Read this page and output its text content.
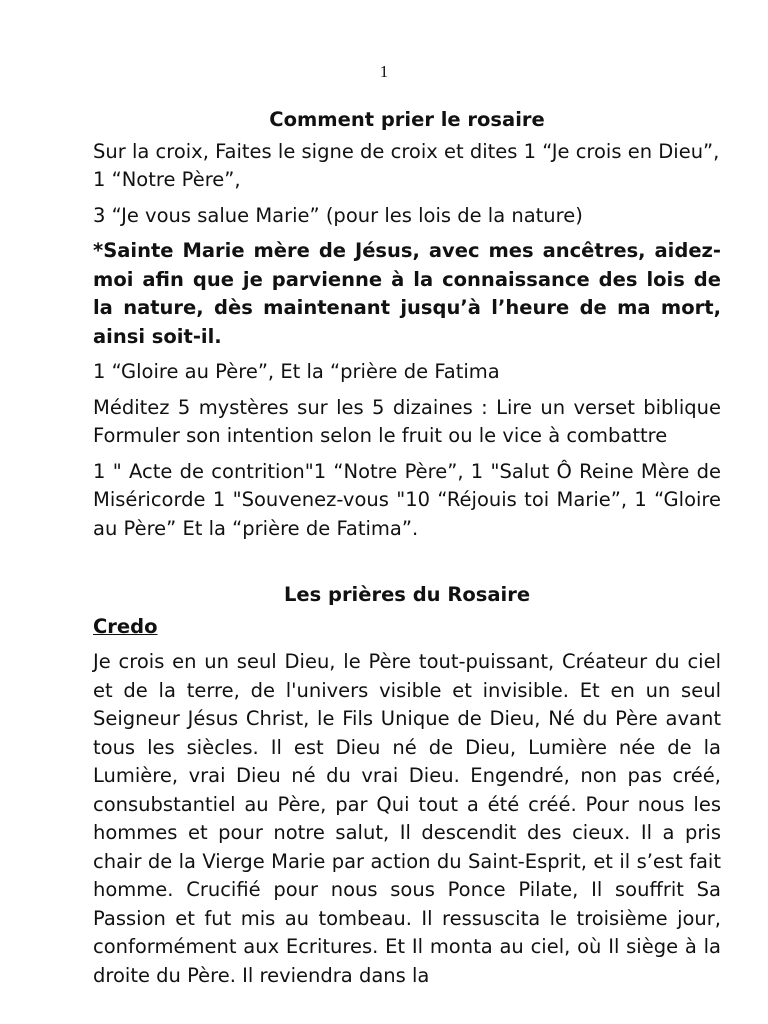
1
Comment prier le rosaire
Sur la croix, Faites le signe de croix et dites 1 “Je crois en Dieu”, 1 “Notre Père”,
3 “Je vous salue Marie” (pour les lois de la nature)
*Sainte Marie mère de Jésus, avec mes ancêtres, aidez-moi afin que je parvienne à la connaissance des lois de la nature, dès maintenant jusqu’à l’heure de ma mort, ainsi soit-il.
1 “Gloire au Père”, Et la “prière de Fatima
Méditez 5 mystères sur les 5 dizaines : Lire un verset biblique Formuler son intention selon le fruit ou le vice à combattre
1 " Acte de contrition"1 “Notre Père”, 1 "Salut Ô Reine Mère de Miséricorde 1 "Souvenez-vous "10 “Réjouis toi Marie”, 1 “Gloire au Père” Et la “prière de Fatima”.
Les prières du Rosaire
Credo
Je crois en un seul Dieu, le Père tout-puissant, Créateur du ciel et de la terre, de l'univers visible et invisible. Et en un seul Seigneur Jésus Christ, le Fils Unique de Dieu, Né du Père avant tous les siècles. Il est Dieu né de Dieu, Lumière née de la Lumière, vrai Dieu né du vrai Dieu. Engendré, non pas créé, consubstantiel au Père, par Qui tout a été créé. Pour nous les hommes et pour notre salut, Il descendit des cieux. Il a pris chair de la Vierge Marie par action du Saint-Esprit, et il s’est fait homme. Crucifié pour nous sous Ponce Pilate, Il souffrit Sa Passion et fut mis au tombeau. Il ressuscita le troisième jour, conformément aux Ecritures. Et Il monta au ciel, où Il siège à la droite du Père. Il reviendra dans la
